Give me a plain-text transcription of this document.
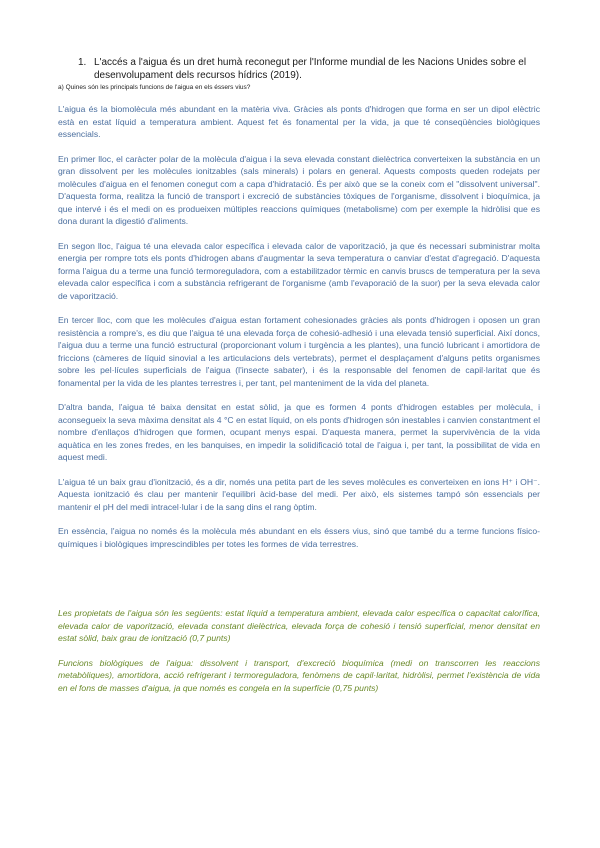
1. L'accés a l'aigua és un dret humà reconegut per l'Informe mundial de les Nacions Unides sobre el desenvolupament dels recursos hídrics (2019).
a) Quines són les principals funcions de l'aigua en els éssers vius?

L'aigua és la biomolècula més abundant en la matèria viva. Gràcies als ponts d'hidrogen que forma en ser un dipol elèctric està en estat líquid a temperatura ambient. Aquest fet és fonamental per la vida, ja que té conseqüències biològiques essencials.

En primer lloc, el caràcter polar de la molècula d'aigua i la seva elevada constant dielèctrica converteixen la substància en un gran dissolvent per les molècules ionitzables (sals minerals) i polars en general. Aquests composts queden rodejats per molècules d'aigua en el fenomen conegut com a capa d'hidratació. És per això que se la coneix com el "dissolvent universal". D'aquesta forma, realitza la funció de transport i excreció de substàncies tòxiques de l'organisme, dissolvent i bioquímica, ja que intervé i és el medi on es produeixen múltiples reaccions químiques (metabolisme) com per exemple la hidròlisi que es dona durant la digestió d'aliments.

En segon lloc, l'aigua té una elevada calor específica i elevada calor de vaporització, ja que és necessari subministrar molta energia per rompre tots els ponts d'hidrogen abans d'augmentar la seva temperatura o canviar d'estat d'agregació. D'aquesta forma l'aigua du a terme una funció termoreguladora, com a estabilitzador tèrmic en canvis bruscs de temperatura per la seva elevada calor específica i com a substància refrigerant de l'organisme (amb l'evaporació de la suor) per la seva elevada calor de vaporització.

En tercer lloc, com que les molècules d'aigua estan fortament cohesionades gràcies als ponts d'hidrogen i oposen un gran resistència a rompre's, es diu que l'aigua té una elevada força de cohesió-adhesió i una elevada tensió superficial. Així doncs, l'aigua duu a terme una funció estructural (proporcionant volum i turgència a les plantes), una funció lubricant i amortidora de friccions (càmeres de líquid sinovial a les articulacions dels vertebrats), permet el desplaçament d'alguns petits organismes sobre les pel·lícules superficials de l'aigua (l'insecte sabater), i és la responsable del fenomen de capil·laritat que és fonamental per la vida de les plantes terrestres i, per tant, pel manteniment de la vida del planeta.

D'altra banda, l'aigua té baixa densitat en estat sòlid, ja que es formen 4 ponts d'hidrogen estables per molècula, i aconsegueix la seva màxima densitat als 4 °C en estat líquid, on els ponts d'hidrogen són inestables i canvien constantment el nombre d'enllaços d'hidrogen que formen, ocupant menys espai. D'aquesta manera, permet la supervivència de la vida aquàtica en les zones fredes, en les banquises, en impedir la solidificació total de l'aigua i, per tant, la possibilitat de vida en aquest medi.

L'aigua té un baix grau d'ionització, és a dir, només una petita part de les seves molècules es converteixen en ions H⁺ i OH⁻. Aquesta ionització és clau per mantenir l'equilibri àcid-base del medi. Per això, els sistemes tampó són essencials per mantenir el pH del medi intracel·lular i de la sang dins el rang òptim.

En essència, l'aigua no només és la molècula més abundant en els éssers vius, sinó que també du a terme funcions físico-químiques i biològiques imprescindibles per totes les formes de vida terrestres.

Les propietats de l'aigua són les següents: estat líquid a temperatura ambient, elevada calor específica o capacitat calorífica, elevada calor de vaporització, elevada constant dielèctrica, elevada força de cohesió i tensió superficial, menor densitat en estat sòlid, baix grau de ionització (0,7 punts)

Funcions biològiques de l'aigua: dissolvent i transport, d'excreció bioquímica (medi on transcorren les reaccions metabòliques), amortidora, acció refrigerant i termoreguladora, fenòmens de capil·laritat, hidròlisi, permet l'existència de vida en el fons de masses d'aigua, ja que només es congela en la superfície (0,75 punts)
